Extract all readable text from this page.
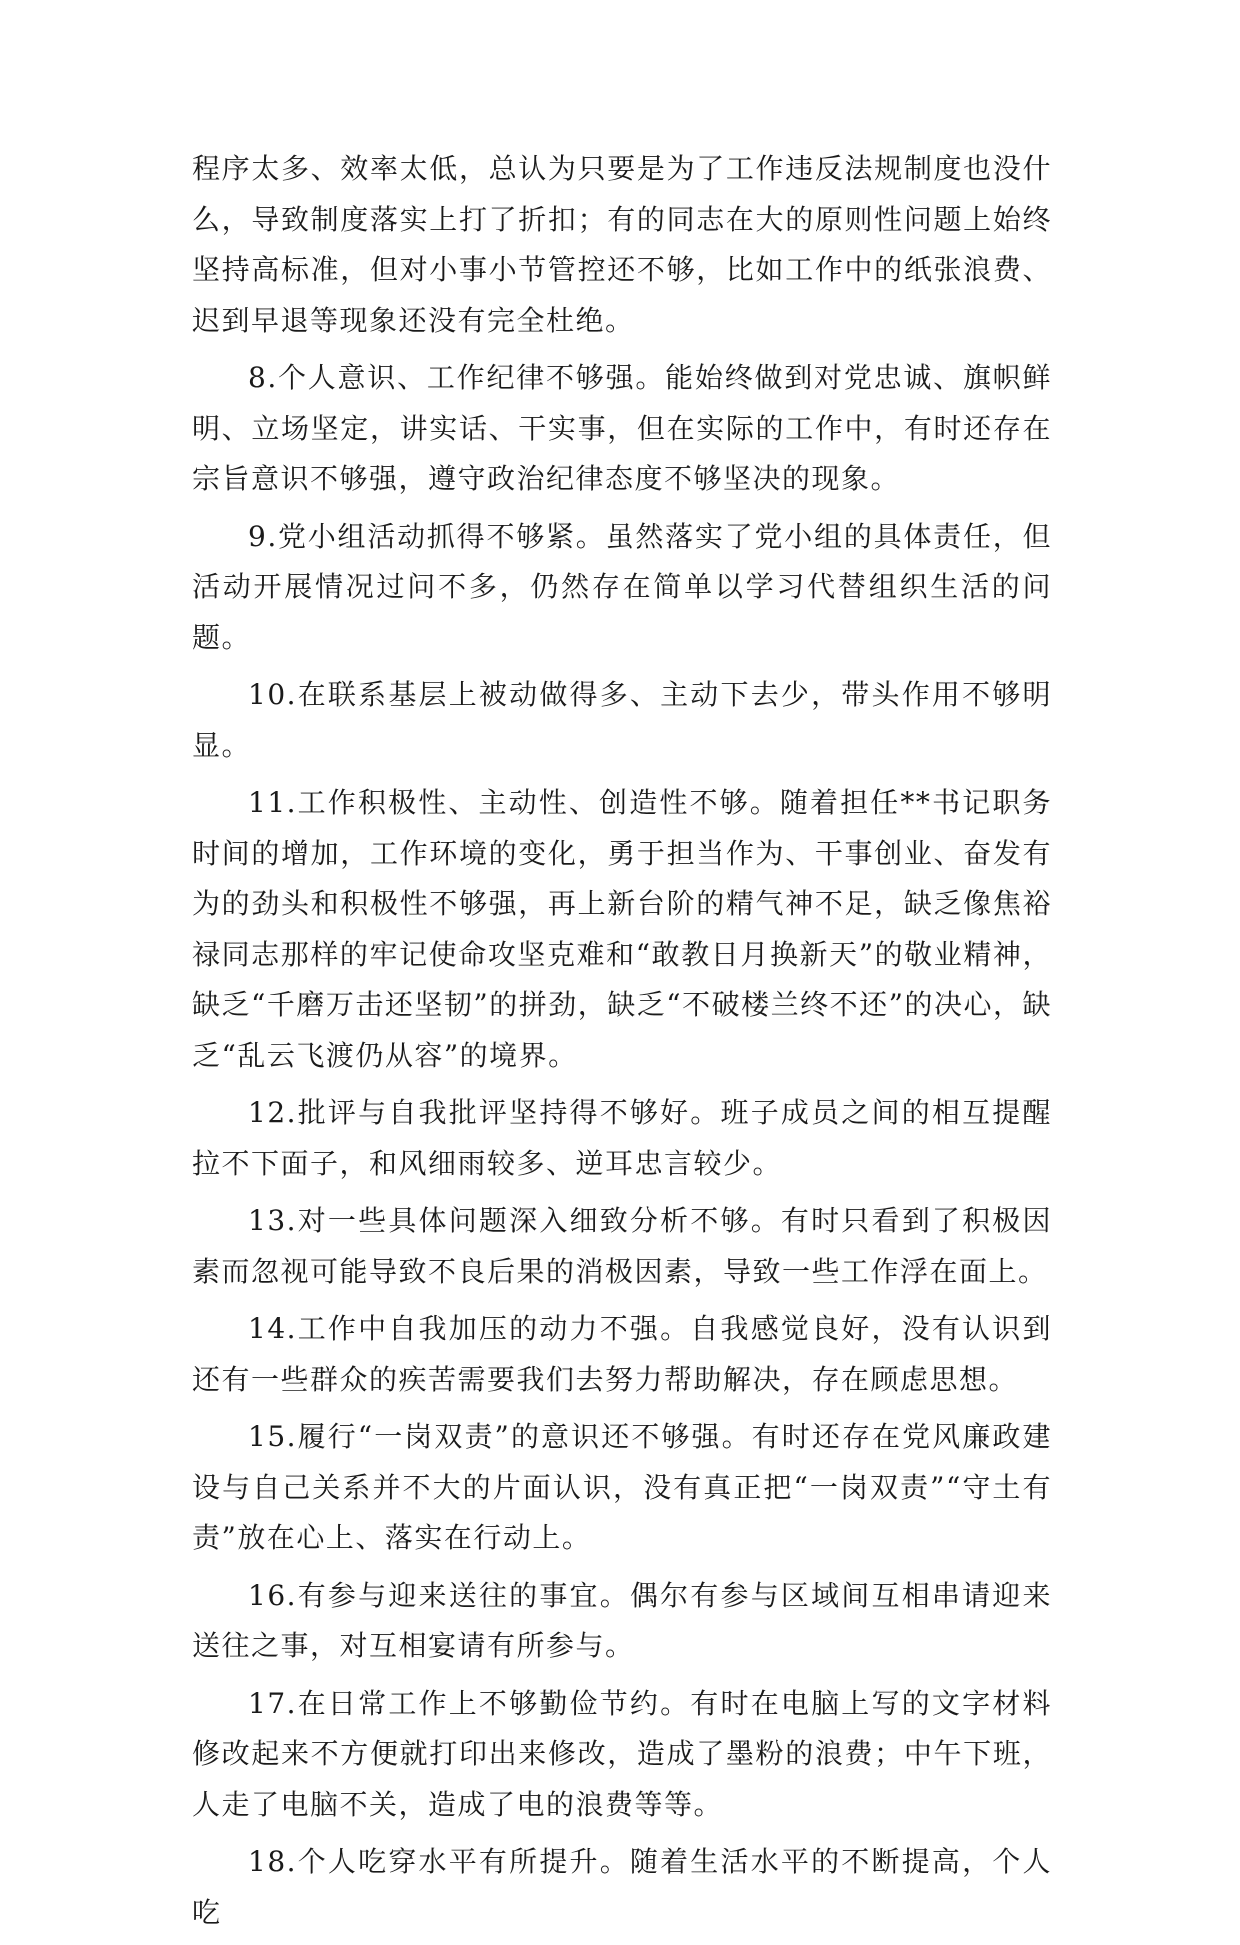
程序太多、效率太低，总认为只要是为了工作违反法规制度也没什么，导致制度落实上打了折扣；有的同志在大的原则性问题上始终坚持高标准，但对小事小节管控还不够，比如工作中的纸张浪费、迟到早退等现象还没有完全杜绝。

8.个人意识、工作纪律不够强。能始终做到对党忠诚、旗帜鲜明、立场坚定，讲实话、干实事，但在实际的工作中，有时还存在宗旨意识不够强，遵守政治纪律态度不够坚决的现象。

9.党小组活动抓得不够紧。虽然落实了党小组的具体责任，但活动开展情况过问不多，仍然存在简单以学习代替组织生活的问题。

10.在联系基层上被动做得多、主动下去少，带头作用不够明显。

11.工作积极性、主动性、创造性不够。随着担任**书记职务时间的增加，工作环境的变化，勇于担当作为、干事创业、奋发有为的劲头和积极性不够强，再上新台阶的精气神不足，缺乏像焦裕禄同志那样的牢记使命攻坚克难和“敢教日月换新天”的敬业精神，缺乏“千磨万击还坚韧”的拼劲，缺乏“不破楼兰终不还”的决心，缺乏“乱云飞渡仍从容”的境界。

12.批评与自我批评坚持得不够好。班子成员之间的相互提醒拉不下面子，和风细雨较多、逆耳忠言较少。

13.对一些具体问题深入细致分析不够。有时只看到了积极因素而忽视可能导致不良后果的消极因素，导致一些工作浮在面上。

14.工作中自我加压的动力不强。自我感觉良好，没有认识到还有一些群众的疾苦需要我们去努力帮助解决，存在顾虑思想。

15.履行“一岗双责”的意识还不够强。有时还存在党风廉政建设与自己关系并不大的片面认识，没有真正把“一岗双责”“守土有责”放在心上、落实在行动上。

16.有参与迎来送往的事宜。偶尔有参与区域间互相串请迎来送往之事，对互相宴请有所参与。

17.在日常工作上不够勤俭节约。有时在电脑上写的文字材料修改起来不方便就打印出来修改，造成了墨粉的浪费；中午下班，人走了电脑不关，造成了电的浪费等等。

18.个人吃穿水平有所提升。随着生活水平的不断提高，个人吃
